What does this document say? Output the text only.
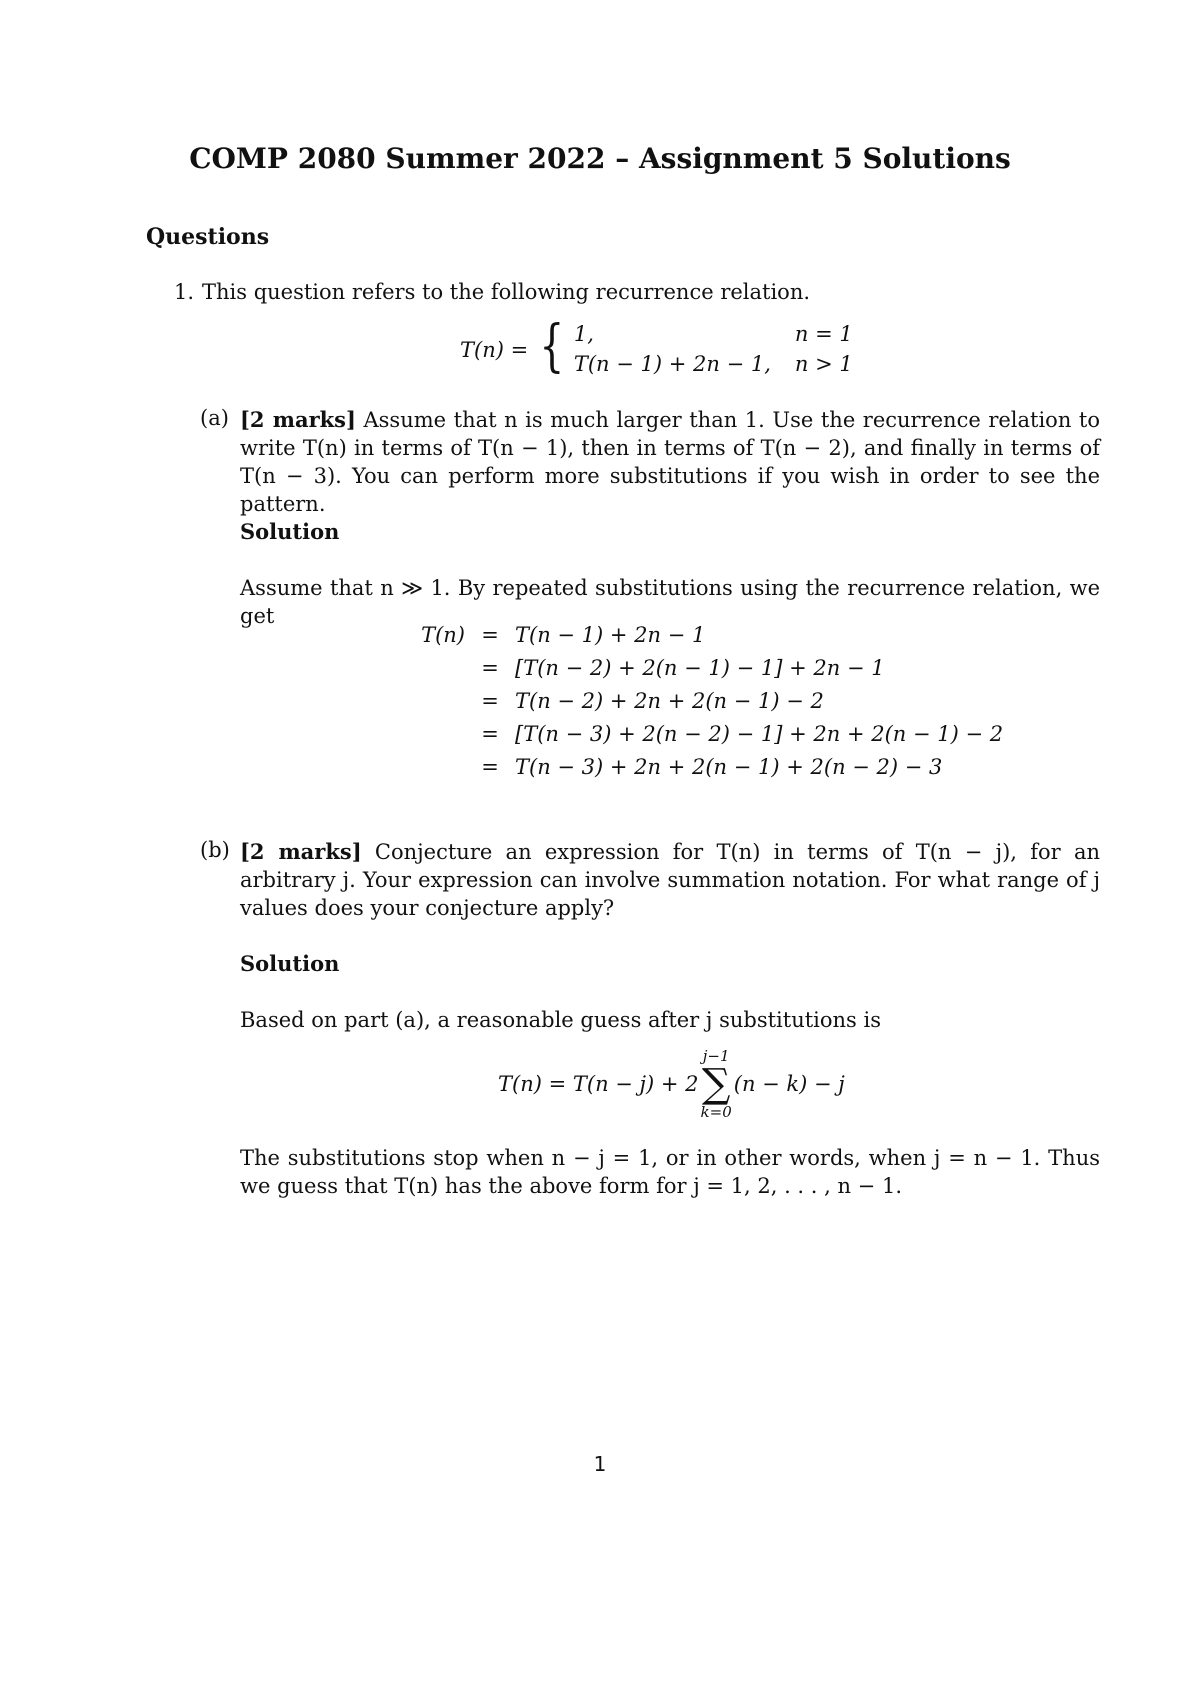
COMP 2080 Summer 2022 – Assignment 5 Solutions
Questions
1. This question refers to the following recurrence relation.
T(n) = { 1,	n = 1
T(n − 1) + 2n − 1,	n > 1
(a) [2 marks] Assume that n is much larger than 1. Use the recurrence relation to write T(n) in terms of T(n − 1), then in terms of T(n − 2), and finally in terms of T(n − 3). You can perform more substitutions if you wish in order to see the pattern.
Solution
Assume that n ≫ 1. By repeated substitutions using the recurrence relation, we get
T(n)	=	T(n − 1) + 2n − 1
	=	[T(n − 2) + 2(n − 1) − 1] + 2n − 1
	=	T(n − 2) + 2n + 2(n − 1) − 2
	=	[T(n − 3) + 2(n − 2) − 1] + 2n + 2(n − 1) − 2
	=	T(n − 3) + 2n + 2(n − 1) + 2(n − 2) − 3
(b) [2 marks] Conjecture an expression for T(n) in terms of T(n − j), for an arbitrary j. Your expression can involve summation notation. For what range of j values does your conjecture apply?
Solution
Based on part (a), a reasonable guess after j substitutions is
T(n) = T(n − j) + 2
j−1
∑
k=0
(n − k) − j
The substitutions stop when n − j = 1, or in other words, when j = n − 1. Thus we guess that T(n) has the above form for j = 1, 2, . . . , n − 1.
1
